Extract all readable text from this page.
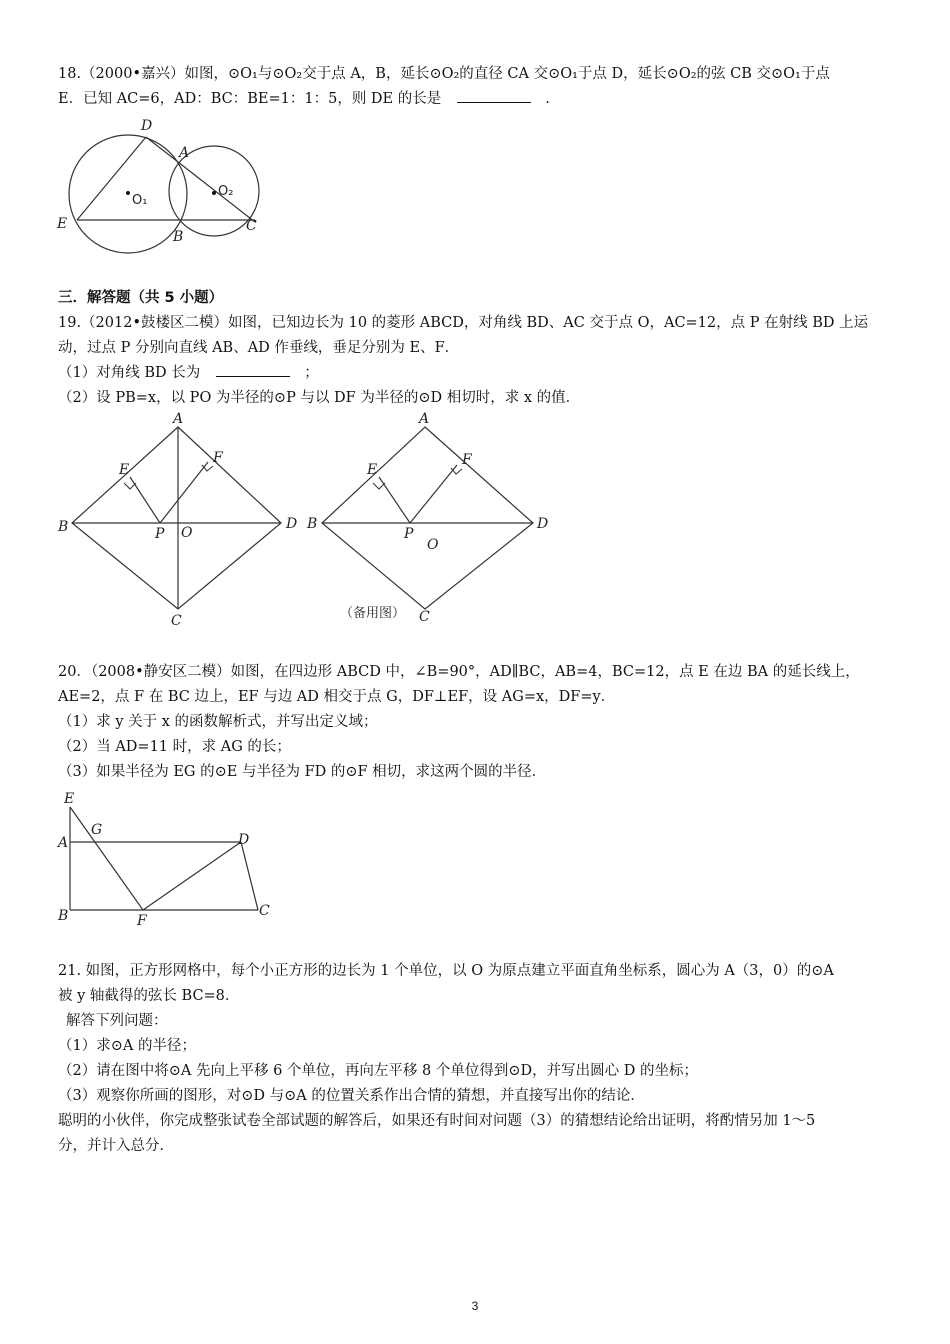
18.（2000•嘉兴）如图，⊙O₁与⊙O₂交于点 A，B，延长⊙O₂的直径 CA 交⊙O₁于点 D，延长⊙O₂的弦 CB 交⊙O₁于点
E．已知 AC=6，AD：BC：BE=1：1：5，则 DE 的长是	.
D
A
O₁
O₂
E
B
C
三．解答题（共 5 小题）
19.（2012•鼓楼区二模）如图，已知边长为 10 的菱形 ABCD，对角线 BD、AC 交于点 O，AC=12，点 P 在射线 BD 上运
动，过点 P 分别向直线 AB、AD 作垂线，垂足分别为 E、F．
（1）对角线 BD 长为	；
（2）设 PB=x，以 PO 为半径的⊙P 与以 DF 为半径的⊙D 相切时，求 x 的值．
A
E
F
B	P O
D
C
A
E
F
B
P
O
D
C
（备用图）
20．（2008•静安区二模）如图，在四边形 ABCD 中，∠B=90°，AD∥BC，AB=4，BC=12，点 E 在边 BA 的延长线上，
AE=2，点 F 在 BC 边上，EF 与边 AD 相交于点 G，DF⊥EF，设 AG=x，DF=y．
（1）求 y 关于 x 的函数解析式，并写出定义域；
（2）当 AD=11 时，求 AG 的长；
（3）如果半径为 EG 的⊙E 与半径为 FD 的⊙F 相切，求这两个圆的半径．
E
A
G
D
B	F
C
21. 如图，正方形网格中，每个小正方形的边长为 1 个单位，以 O 为原点建立平面直角坐标系，圆心为 A（3，0）的⊙A
被 y 轴截得的弦长 BC=8．
解答下列问题：
（1）求⊙A 的半径；
（2）请在图中将⊙A 先向上平移 6 个单位，再向左平移 8 个单位得到⊙D，并写出圆心 D 的坐标；
（3）观察你所画的图形，对⊙D 与⊙A 的位置关系作出合情的猜想，并直接写出你的结论．
聪明的小伙伴，你完成整张试卷全部试题的解答后，如果还有时间对问题（3）的猜想结论给出证明，将酌情另加 1～5
分，并计入总分．
3
